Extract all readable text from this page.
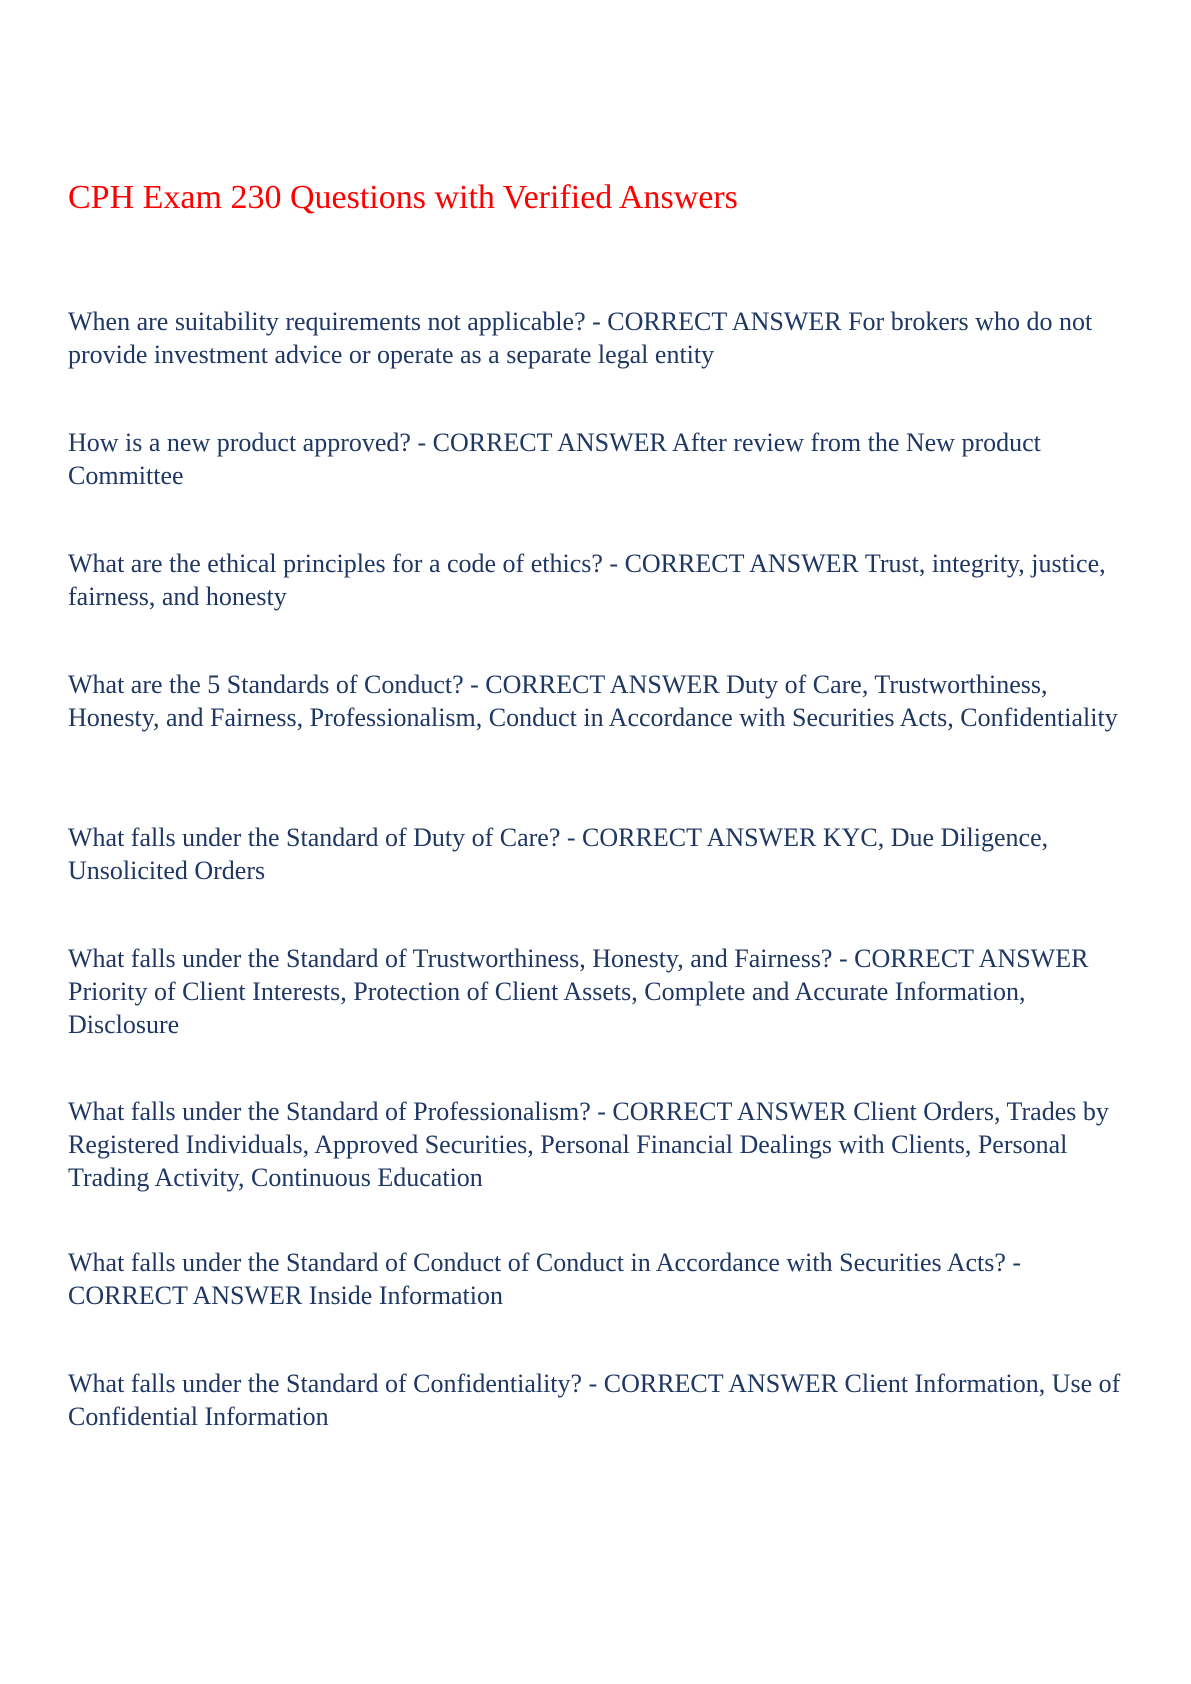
CPH Exam 230 Questions with Verified Answers

When are suitability requirements not applicable? - CORRECT ANSWER For brokers who do not provide investment advice or operate as a separate legal entity

How is a new product approved? - CORRECT ANSWER After review from the New product Committee

What are the ethical principles for a code of ethics? - CORRECT ANSWER Trust, integrity, justice, fairness, and honesty

What are the 5 Standards of Conduct? - CORRECT ANSWER Duty of Care, Trustworthiness, Honesty, and Fairness, Professionalism, Conduct in Accordance with Securities Acts, Confidentiality

What falls under the Standard of Duty of Care? - CORRECT ANSWER KYC, Due Diligence, Unsolicited Orders

What falls under the Standard of Trustworthiness, Honesty, and Fairness? - CORRECT ANSWER Priority of Client Interests, Protection of Client Assets, Complete and Accurate Information, Disclosure

What falls under the Standard of Professionalism? - CORRECT ANSWER Client Orders, Trades by Registered Individuals, Approved Securities, Personal Financial Dealings with Clients, Personal Trading Activity, Continuous Education

What falls under the Standard of Conduct of Conduct in Accordance with Securities Acts? - CORRECT ANSWER Inside Information

What falls under the Standard of Confidentiality? - CORRECT ANSWER Client Information, Use of Confidential Information
